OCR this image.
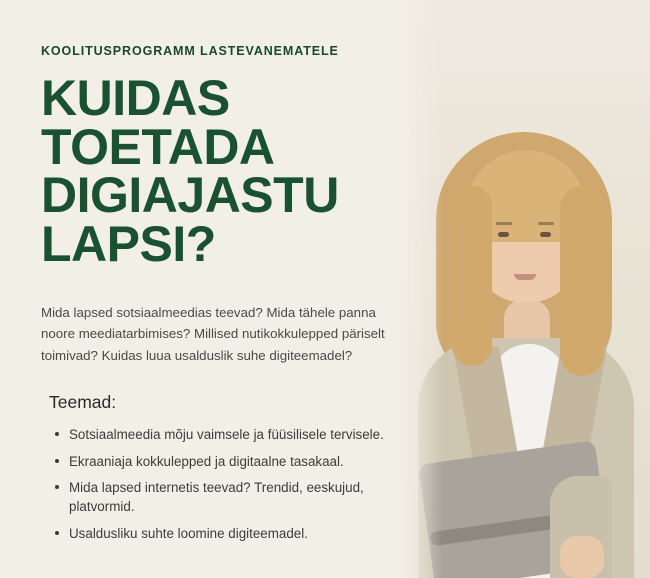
KOOLITUSPROGRAMM LASTEVANEMATELE
KUIDAS TOETADA DIGIAJASTU LAPSI?

Mida lapsed sotsiaalmeedias teevad? Mida tähele panna noore meediatarbimises? Millised nutikokkulepped päriselt toimivad? Kuidas luua usalduslik suhe digiteemadel?

Teemad:
Sotsiaalmeedia mõju vaimsele ja füüsilisele tervisele.
Ekraaniaja kokkulepped ja digitaalne tasakaal.
Mida lapsed internetis teevad? Trendid, eeskujud, platvormid.
Usaldusliku suhte loomine digiteemadel.
